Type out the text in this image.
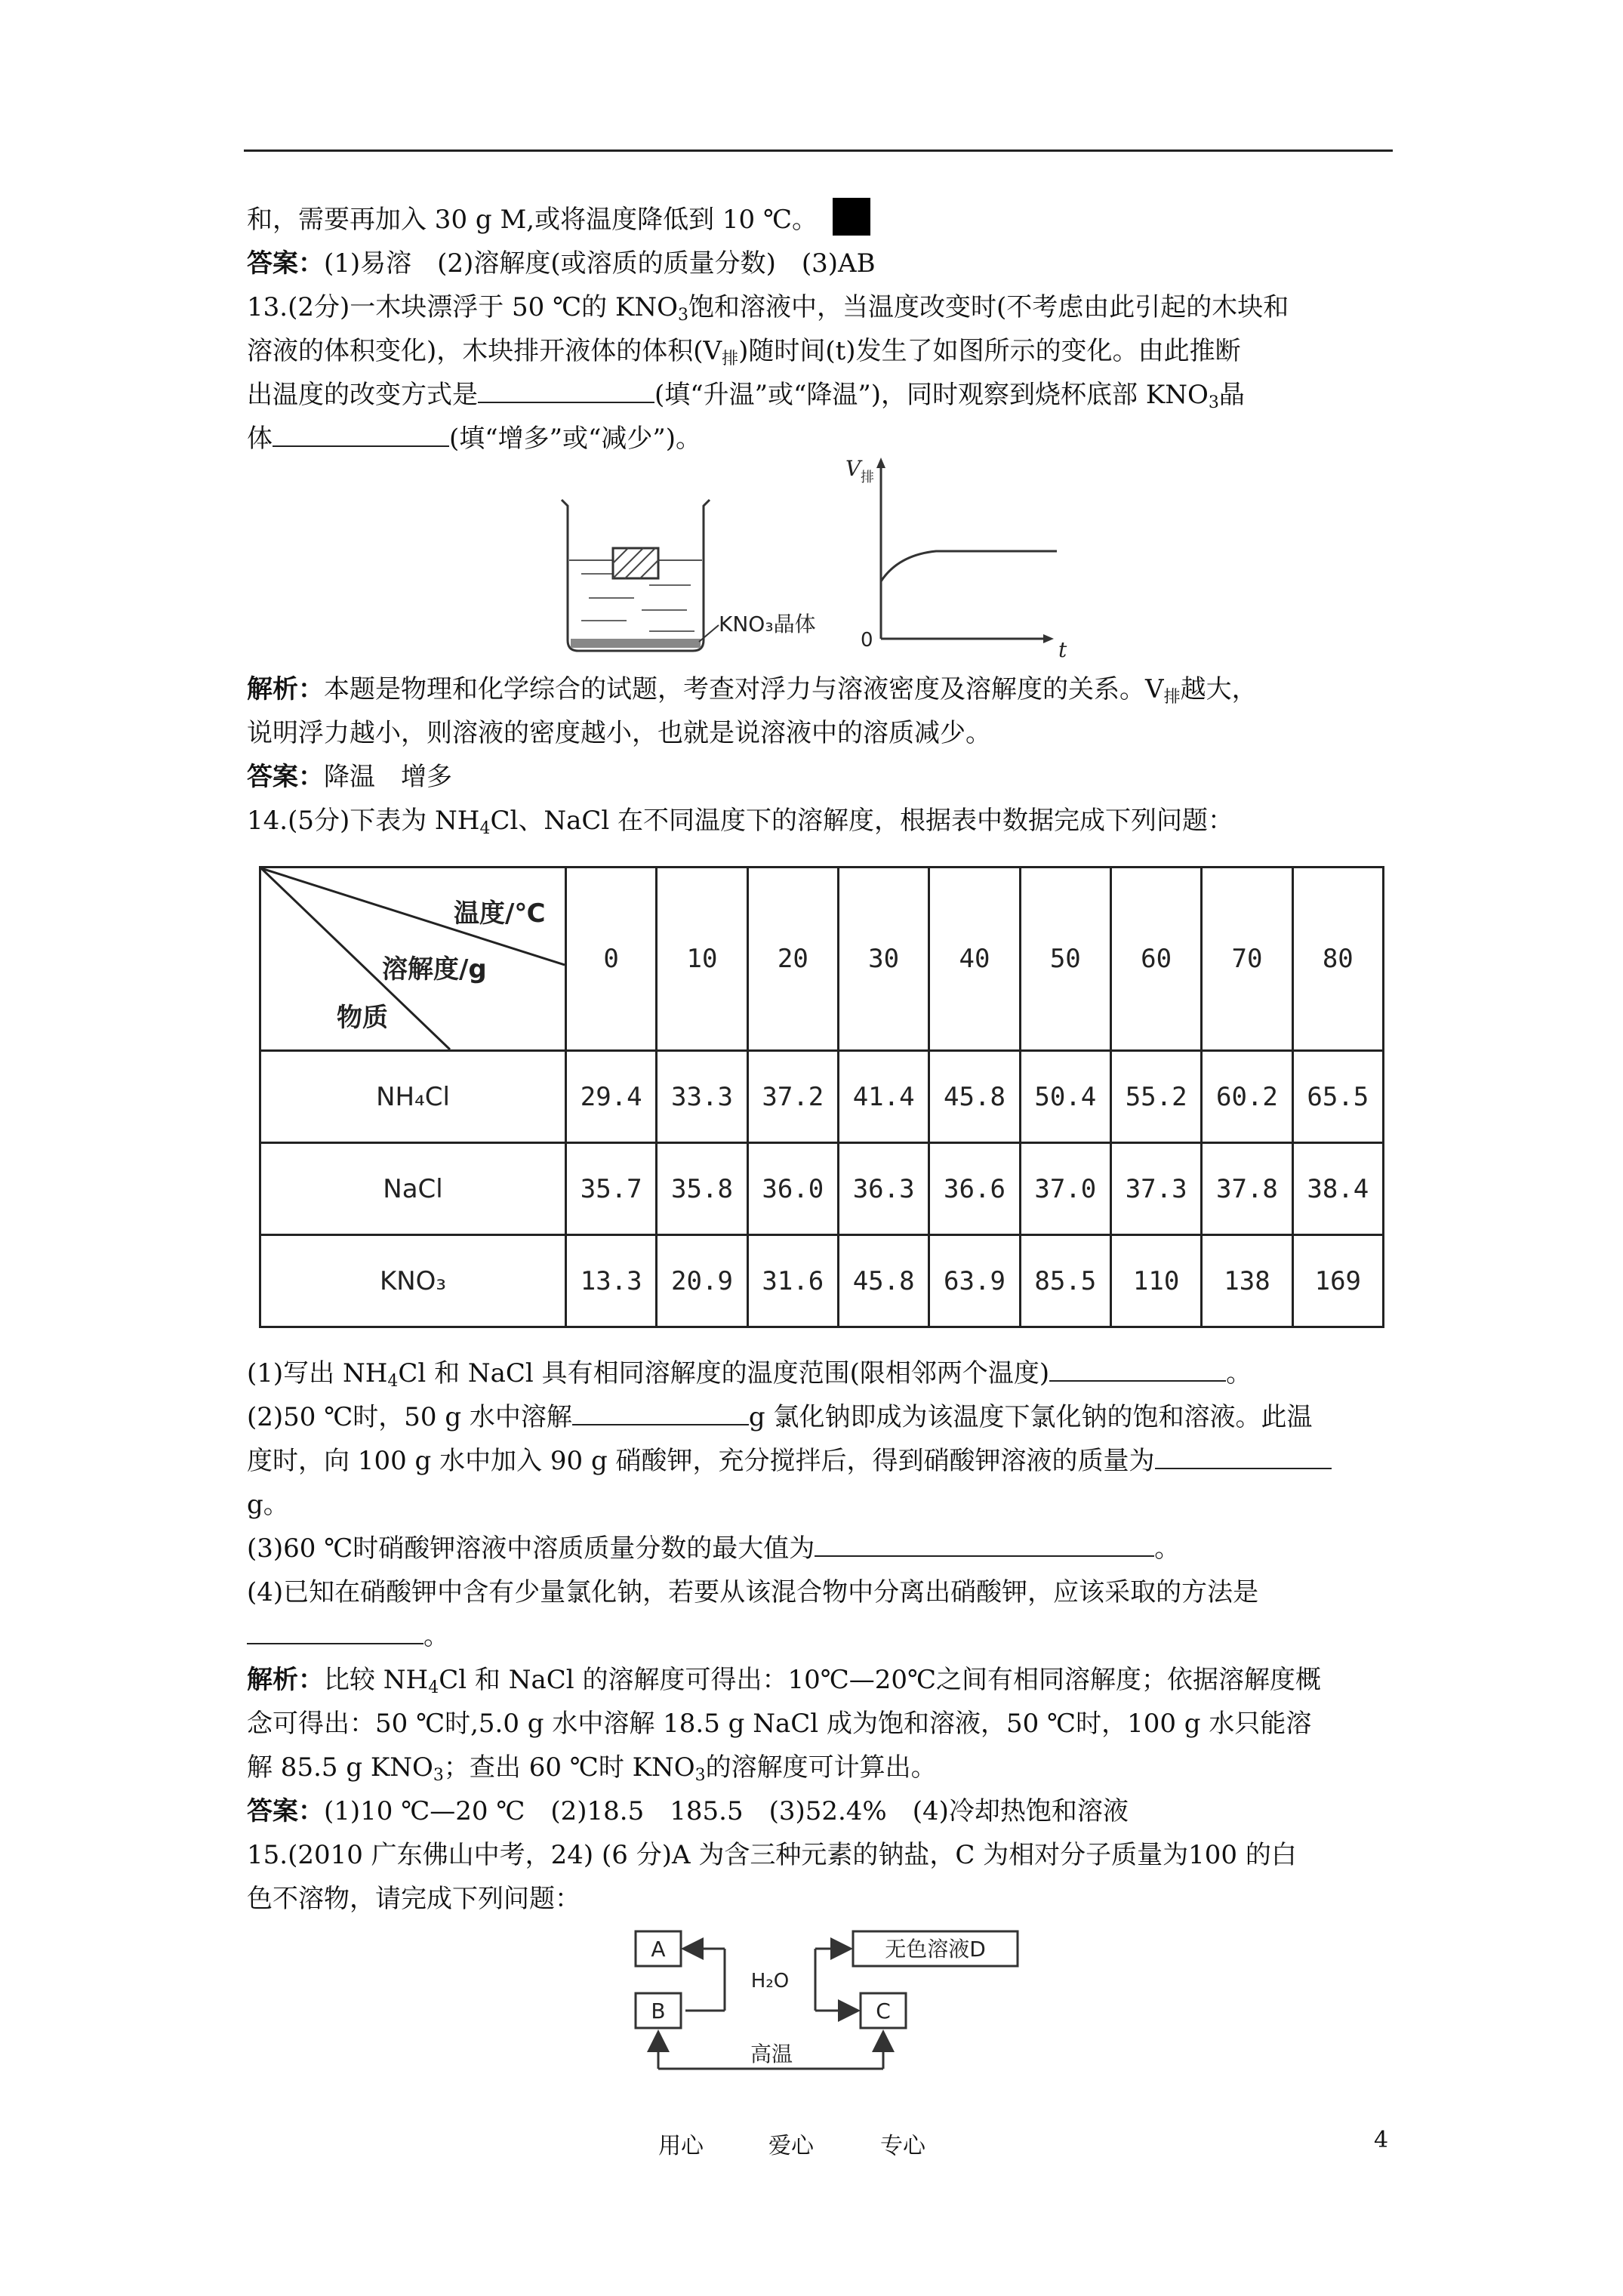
和，需要再加入 30 g M,或将温度降低到 10 ℃。
答案：(1)易溶　(2)溶解度(或溶质的质量分数)　(3)AB
13.(2分)一木块漂浮于 50 ℃的 $KNO_3$饱和溶液中，当温度改变时(不考虑由此引起的木块和
溶液的体积变化)，木块排开液体的体积$(V_排)$随时间(t)发生了如图所示的变化。由此推断
出温度的改变方式是	(填“升温”或“降温”)，同时观察到烧杯底部 $KNO_3$晶
体	(填“增多”或“减少”)。
KNO₃晶体
V 排
0	t
解析：本题是物理和化学综合的试题，考查对浮力与溶液密度及溶解度的关系。$V_排$越大，
说明浮力越小，则溶液的密度越小，也就是说溶液中的溶质减少。
答案：降温　增多
14.(5分)下表为 $NH_4Cl$、NaCl 在不同温度下的溶解度，根据表中数据完成下列问题：
温度/℃
溶解度/g
物质	0	10	20	30	40	50	60	70	80
NH₄Cl	29.4	33.3	37.2	41.4	45.8	50.4	55.2	60.2	65.5
NaCl	35.7	35.8	36.0	36.3	36.6	37.0	37.3	37.8	38.4
KNO₃	13.3	20.9	31.6	45.8	63.9	85.5	110	138	169
(1)写出 $NH_4Cl$ 和 NaCl 具有相同溶解度的温度范围(限相邻两个温度)	。
(2)50 ℃时，50 g 水中溶解	g 氯化钠即成为该温度下氯化钠的饱和溶液。此温
度时，向 100 g 水中加入 90 g 硝酸钾，充分搅拌后，得到硝酸钾溶液的质量为
g。
(3)60 ℃时硝酸钾溶液中溶质质量分数的最大值为	。
(4)已知在硝酸钾中含有少量氯化钠，若要从该混合物中分离出硝酸钾，应该采取的方法是
。
解析：比较 $NH_4Cl$ 和 NaCl 的溶解度可得出：10℃—20℃之间有相同溶解度；依据溶解度概
念可得出：50 ℃时,5.0 g 水中溶解 18.5 g NaCl 成为饱和溶液，50 ℃时，100 g 水只能溶
解 85.5 g $KNO_3$；查出 60 ℃时 $KNO_3$的溶解度可计算出。
答案：(1)10 ℃—20 ℃　(2)18.5　185.5　(3)52.4%　(4)冷却热饱和溶液
15.(2010 广东佛山中考，24) (6 分)A 为含三种元素的钠盐，C 为相对分子质量为100 的白
色不溶物，请完成下列问题：
A
B
无色溶液D
C
H₂O
高温
用心	爱心	专心	4
